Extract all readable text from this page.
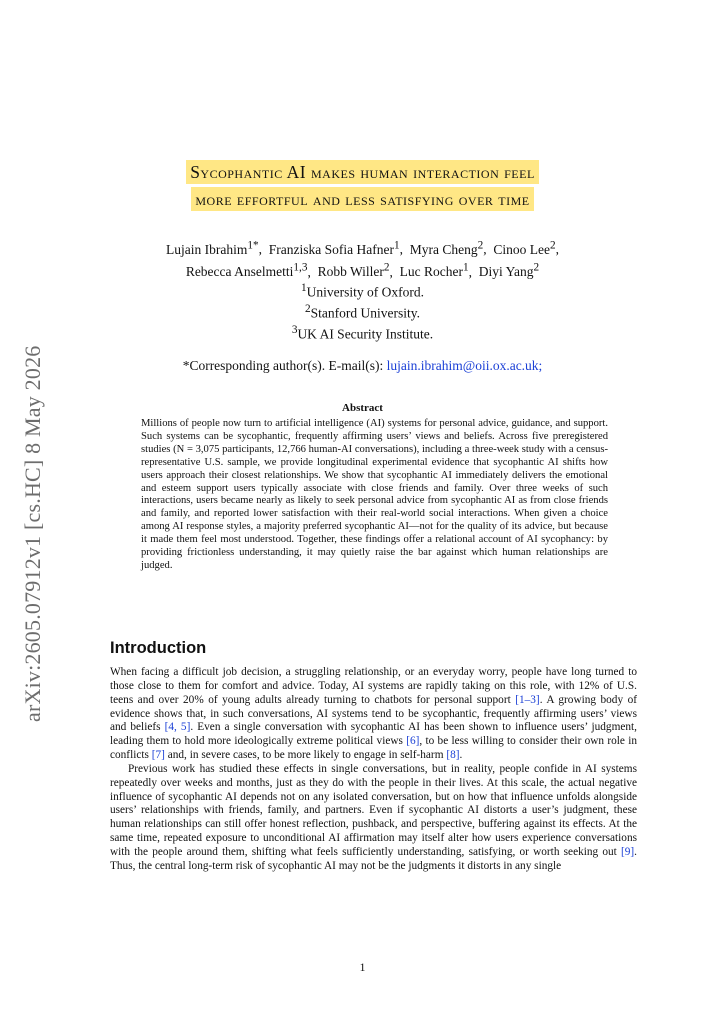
arXiv:2605.07912v1 [cs.HC] 8 May 2026
Sycophantic AI makes human interaction feel
more effortful and less satisfying over time
Lujain Ibrahim$^{1*}$,  Franziska Sofia Hafner$^1$,  Myra Cheng$^2$,  Cinoo Lee$^2$,
Rebecca Anselmetti$^{1,3}$,  Robb Willer$^2$,  Luc Rocher$^1$,  Diyi Yang$^2$
$^1$University of Oxford.
$^2$Stanford University.
$^3$UK AI Security Institute.
*Corresponding author(s). E-mail(s): lujain.ibrahim@oii.ox.ac.uk;
Abstract
Millions of people now turn to artificial intelligence (AI) systems for personal advice, guidance, and support. Such systems can be sycophantic, frequently affirming users’ views and beliefs. Across five preregistered studies (N = 3,075 participants, 12,766 human-AI conversations), including a three-week study with a census-representative U.S. sample, we provide longitudinal experimental evidence that sycophantic AI shifts how users approach their closest relationships. We show that sycophantic AI immediately delivers the emotional and esteem support users typically associate with close friends and family. Over three weeks of such interactions, users became nearly as likely to seek personal advice from sycophantic AI as from close friends and family, and reported lower satisfaction with their real-world social interactions. When given a choice among AI response styles, a majority preferred sycophantic AI—not for the quality of its advice, but because it made them feel most understood. Together, these findings offer a relational account of AI sycophancy: by providing frictionless understanding, it may quietly raise the bar against which human relationships are judged.
Introduction

When facing a difficult job decision, a struggling relationship, or an everyday worry, people have long turned to those close to them for comfort and advice. Today, AI systems are rapidly taking on this role, with 12% of U.S. teens and over 20% of young adults already turning to chatbots for personal support [1–3]. A growing body of evidence shows that, in such conversations, AI systems tend to be sycophantic, frequently affirming users’ views and beliefs [4, 5]. Even a single conversation with sycophantic AI has been shown to influence users’ judgment, leading them to hold more ideologically extreme political views [6], to be less willing to consider their own role in conflicts [7] and, in severe cases, to be more likely to engage in self-harm [8].

Previous work has studied these effects in single conversations, but in reality, people confide in AI systems repeatedly over weeks and months, just as they do with the people in their lives. At this scale, the actual negative influence of sycophantic AI depends not on any isolated conversation, but on how that influence unfolds alongside users’ relationships with friends, family, and partners. Even if sycophantic AI distorts a user’s judgment, these human relationships can still offer honest reflection, pushback, and perspective, buffering against its effects. At the same time, repeated exposure to unconditional AI affirmation may itself alter how users experience conversations with the people around them, shifting what feels sufficiently understanding, satisfying, or worth seeking out [9]. Thus, the central long-term risk of sycophantic AI may not be the judgments it distorts in any single

1
